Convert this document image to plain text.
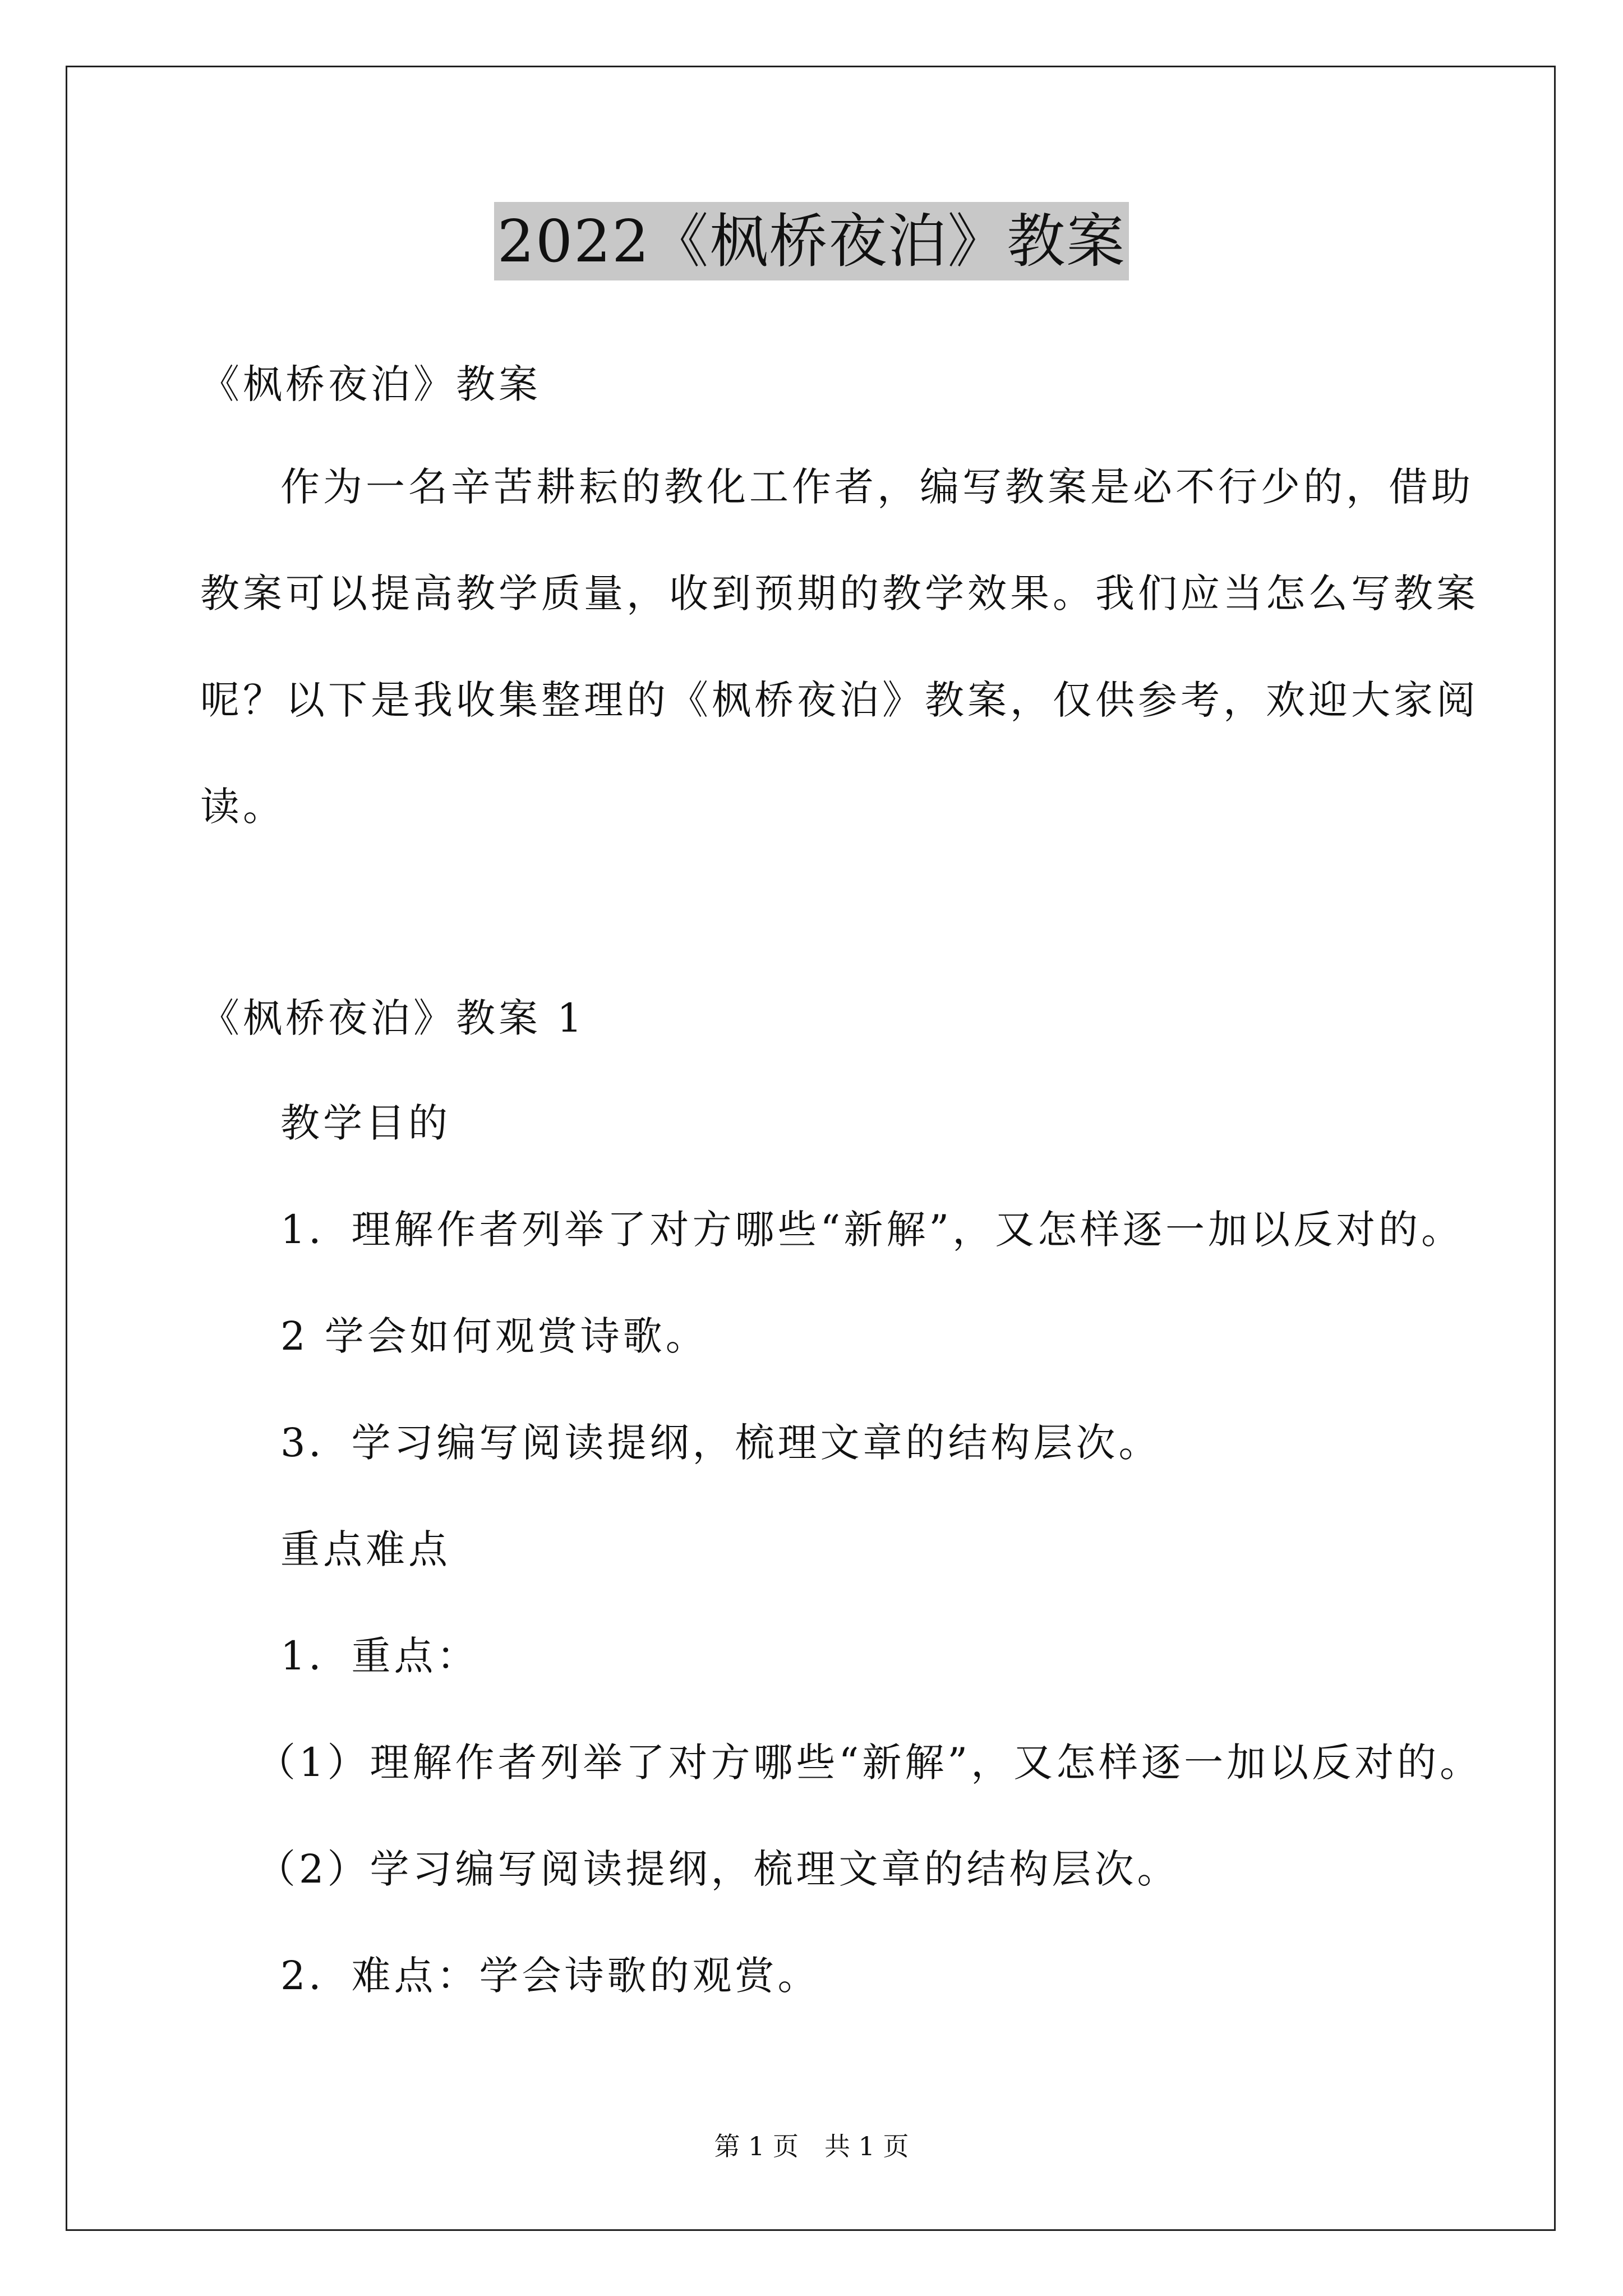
2022《枫桥夜泊》教案
《枫桥夜泊》教案
作为一名辛苦耕耘的教化工作者，编写教案是必不行少的，借助
教案可以提高教学质量，收到预期的教学效果。我们应当怎么写教案
呢？以下是我收集整理的《枫桥夜泊》教案，仅供参考，欢迎大家阅
读。
《枫桥夜泊》教案 1
教学目的
1．理解作者列举了对方哪些“新解”，又怎样逐一加以反对的。
2 学会如何观赏诗歌。
3．学习编写阅读提纲，梳理文章的结构层次。
重点难点
1．重点：
（1）理解作者列举了对方哪些“新解”，又怎样逐一加以反对的。
（2）学习编写阅读提纲，梳理文章的结构层次。
2．难点：学会诗歌的观赏。
第 1 页　共 1 页
